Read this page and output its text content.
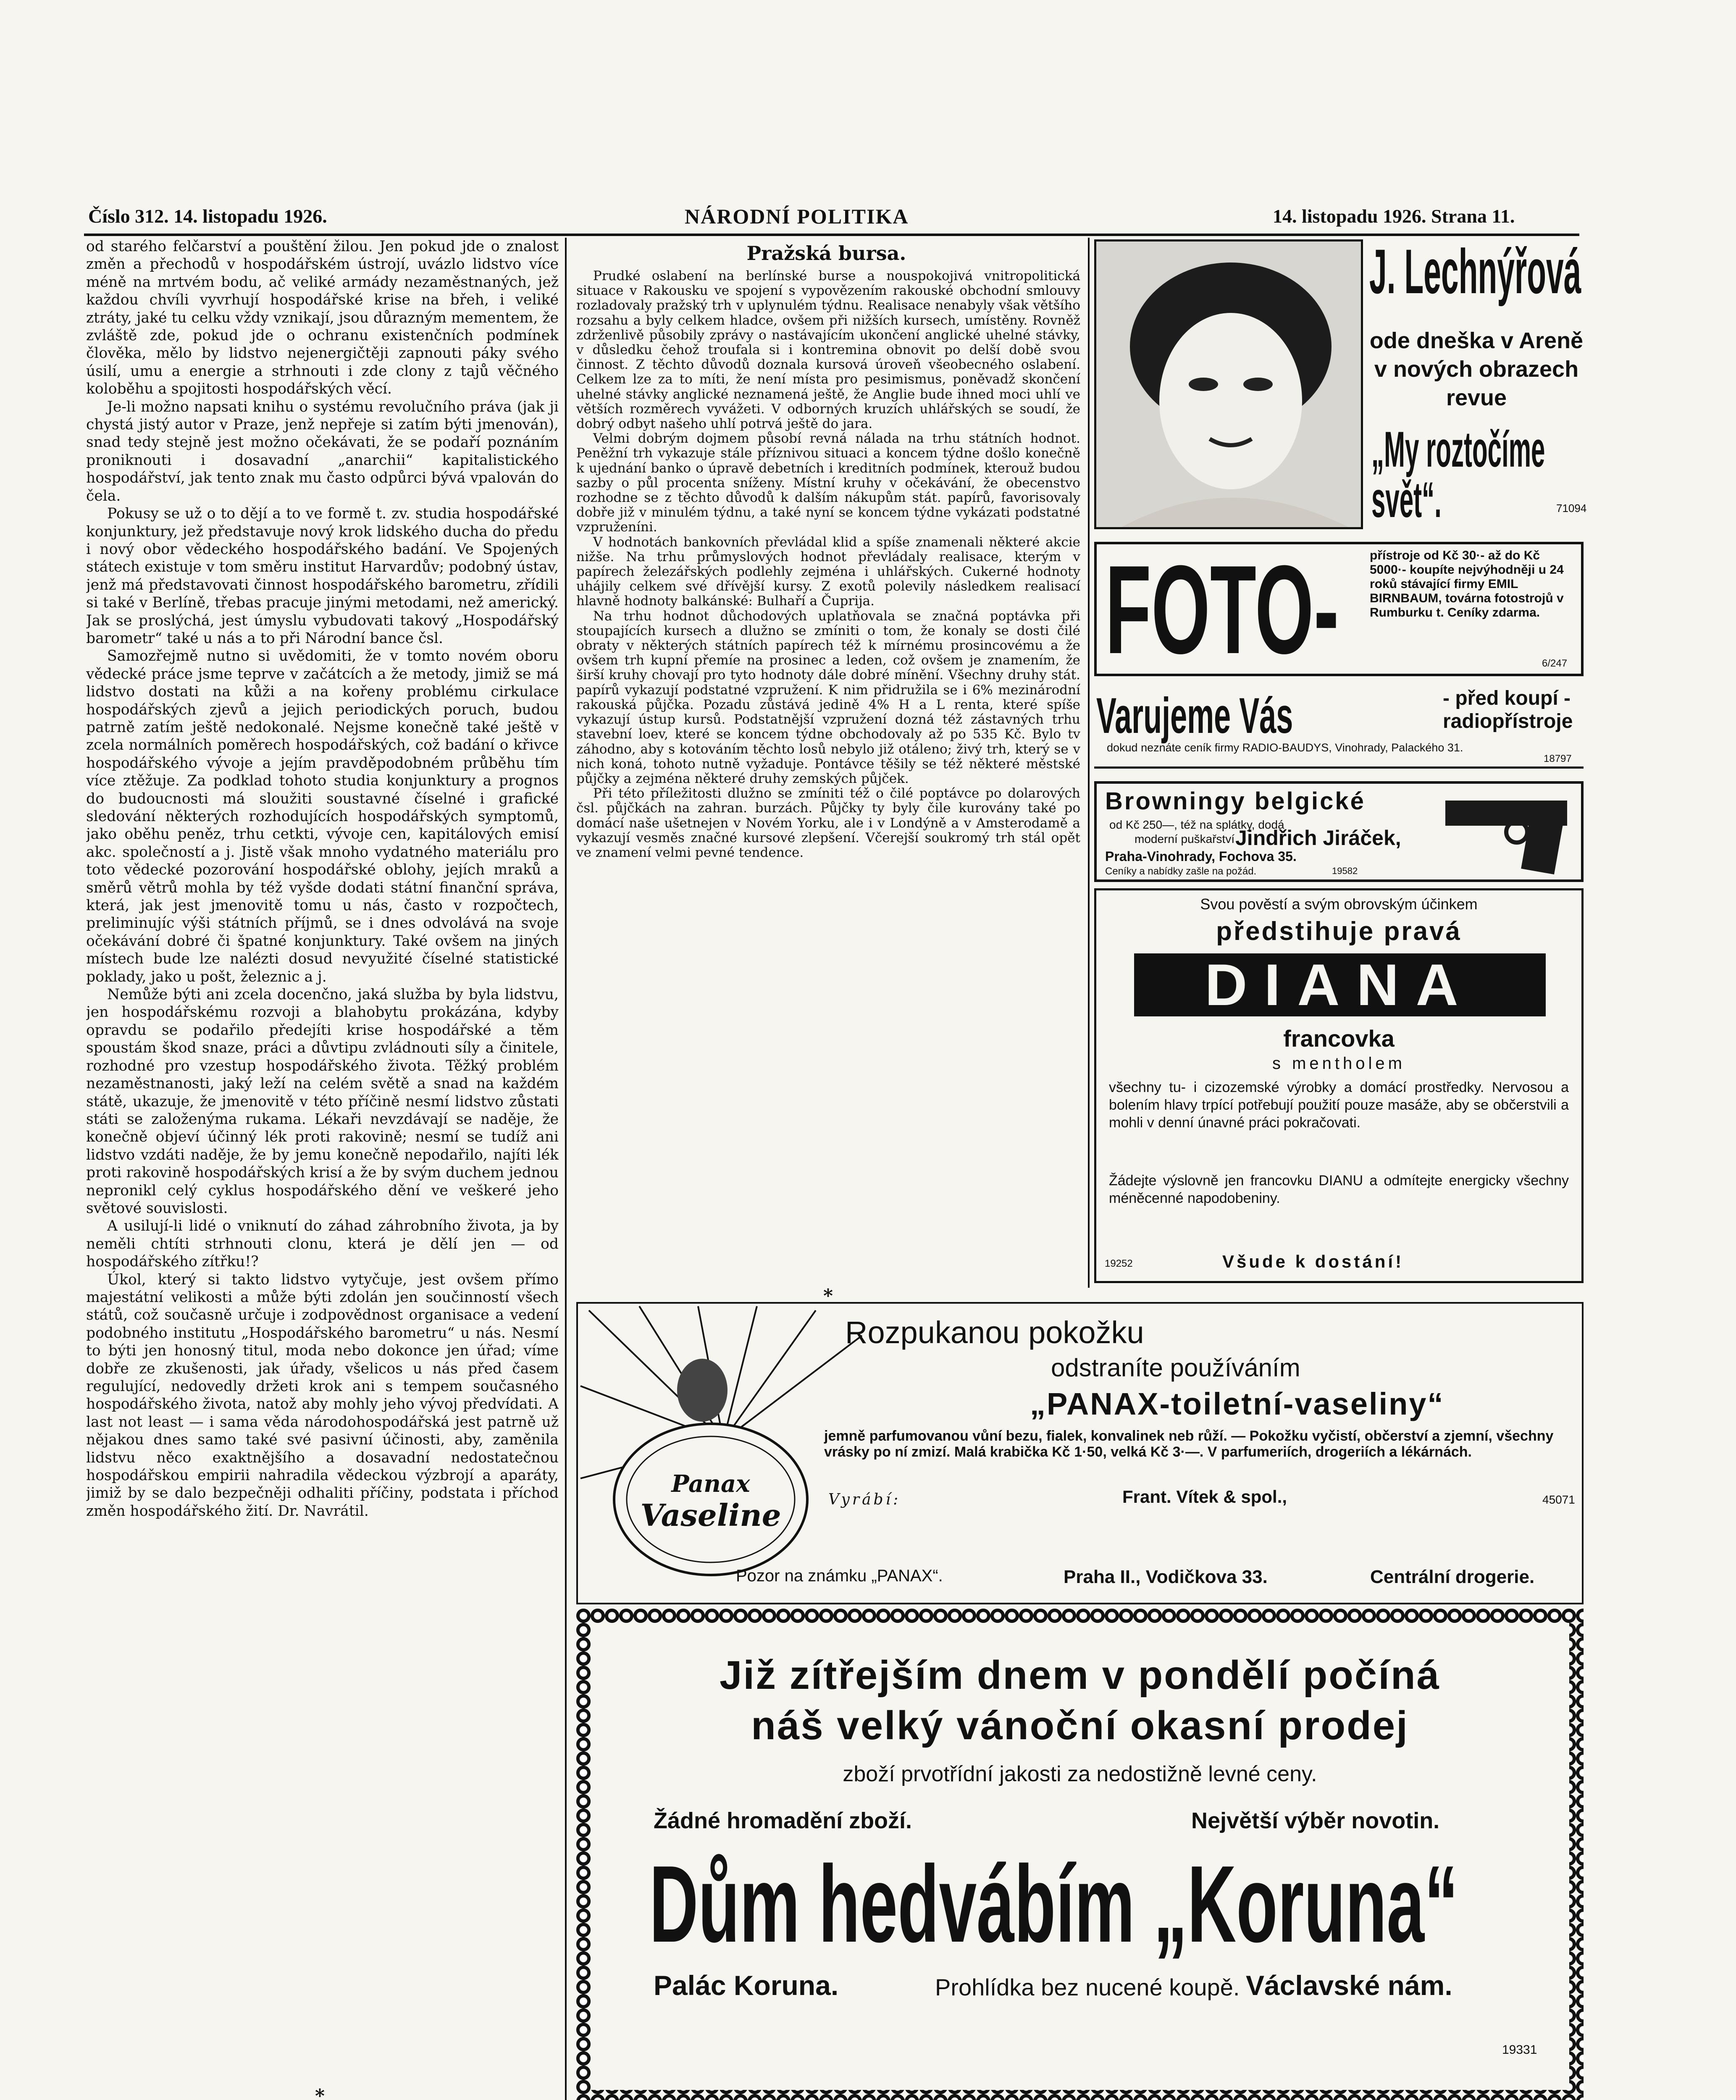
Číslo 312. 14. listopadu 1926.	NÁRODNÍ POLITIKA	14. listopadu 1926. Strana 11.

od starého felčarství a pouštění žilou. Jen pokud jde o znalost změn a přechodů v hospodářském ústrojí, uvázlo lidstvo více méně na mrtvém bodu, ač veliké armády nezaměstnaných, jež každou chvíli vyvrhují hospodářské krise na břeh, i veliké ztráty, jaké tu celku vždy vznikají, jsou důrazným mementem, že zvláště zde, pokud jde o ochranu existenčních podmínek člověka, mělo by lidstvo nejenergičtěji zapnouti páky svého úsilí, umu a energie a strhnouti i zde clony z tajů věčného koloběhu a spojitosti hospodářských věcí.

Je-li možno napsati knihu o systému revolučního práva (jak ji chystá jistý autor v Praze, jenž nepřeje si zatím býti jmenován), snad tedy stejně jest možno očekávati, že se podaří poznáním proniknouti i dosavadní „anarchii“ kapitalistického hospodářství, jak tento znak mu často odpůrci bývá vpalován do čela.

Pokusy se už o to dějí a to ve formě t. zv. studia hospodářské konjunktury, jež představuje nový krok lidského ducha do předu i nový obor vědeckého hospodářského badání. Ve Spojených státech existuje v tom směru institut Harvardův; podobný ústav, jenž má představovati činnost hospodářského barometru, zřídili si také v Berlíně, třebas pracuje jinými metodami, než americký. Jak se proslýchá, jest úmyslu vybudovati takový „Hospodářský barometr“ také u nás a to při Národní bance čsl.

Samozřejmě nutno si uvědomiti, že v tomto novém oboru vědecké práce jsme teprve v začátcích a že metody, jimiž se má lidstvo dostati na kůži a na kořeny problému cirkulace hospodářských zjevů a jejich periodických poruch, budou patrně zatím ještě nedokonalé. Nejsme konečně také ještě v zcela normálních poměrech hospodářských, což badání o křivce hospodářského vývoje a jejím pravděpodobném průběhu tím více ztěžuje. Za podklad tohoto studia konjunktury a prognos do budoucnosti má sloužiti soustavné číselné i grafické sledování některých rozhodujících hospodářských symptomů, jako oběhu peněz, trhu cetkti, vývoje cen, kapitálových emisí akc. společností a j. Jistě však mnoho vydatného materiálu pro toto vědecké pozorování hospodářské oblohy, jejích mraků a směrů větrů mohla by též vyšde dodati státní finanční správa, která, jak jest jmenovitě tomu u nás, často v rozpočtech, preliminujíc výši státních příjmů, se i dnes odvolává na svoje očekávání dobré či špatné konjunktury. Také ovšem na jiných místech bude lze nalézti dosud nevyužité číselné statistické poklady, jako u pošt, železnic a j.

Nemůže býti ani zcela docenčno, jaká služba by byla lidstvu, jen hospodářskému rozvoji a blahobytu prokázána, kdyby opravdu se podařilo předejíti krise hospodářské a těm spoustám škod snaze, práci a důvtipu zvládnouti síly a činitele, rozhodné pro vzestup hospodářského života. Těžký problém nezaměstnanosti, jaký leží na celém světě a snad na každém státě, ukazuje, že jmenovitě v této příčině nesmí lidstvo zůstati státi se založenýma rukama. Lékaři nevzdávají se naděje, že konečně objeví účinný lék proti rakovině; nesmí se tudíž ani lidstvo vzdáti naděje, že by jemu konečně nepodařilo, najíti lék proti rakovině hospodářských krisí a že by svým duchem jednou nepronikl celý cyklus hospodářského dění ve veškeré jeho světové souvislosti.

A usilují-li lidé o vniknutí do záhad záhrobního života, ja by neměli chtíti strhnouti clonu, která je dělí jen — od hospodářského zítřku!?

Úkol, který si takto lidstvo vytyčuje, jest ovšem přímo majestátní velikosti a může býti zdolán jen součinností všech států, což současně určuje i zodpovědnost organisace a vedení podobného institutu „Hospodářského barometru“ u nás. Nesmí to býti jen honosný titul, moda nebo dokonce jen úřad; víme dobře ze zkušenosti, jak úřady, všelicos u nás před časem regulující, nedovedly držeti krok ani s tempem současného hospodářského života, natož aby mohly jeho vývoj předvídati. A last not least — i sama věda národohospodářská jest patrně už nějakou dnes samo také své pasivní účinosti, aby, zaměnila lidstvu něco exaktnějšího a dosavadní nedostatečnou hospodářskou empirii nahradila vědeckou výzbrojí a aparáty, jimiž by se dalo bezpečněji odhaliti příčiny, podstata i příchod změn hospodářského žití. Dr. Navrátil.

*
Pražská bursa.

Prudké oslabení na berlínské burse a nouspokojivá vnitropolitická situace v Rakousku ve spojení s vypovězením rakouské obchodní smlouvy rozladovaly pražský trh v uplynulém týdnu. Realisace nenabyly však většího rozsahu a byly celkem hladce, ovšem při nižších kursech, umístěny. Rovněž zdrženlivě působily zprávy o nastávajícím ukončení anglické uhelné stávky, v důsledku čehož troufala si i kontremina obnovit po delší době svou činnost. Z těchto důvodů doznala kursová úroveň všeobecného oslabení. Celkem lze za to míti, že není místa pro pesimismus, poněvadž skončení uhelné stávky anglické neznamená ještě, že Anglie bude ihned moci uhlí ve větších rozměrech vyvážeti. V odborných kruzích uhlářských se soudí, že dobrý odbyt našeho uhlí potrvá ještě do jara.

Velmi dobrým dojmem působí revná nálada na trhu státních hodnot. Peněžní trh vykazuje stále příznivou situaci a koncem týdne došlo konečně k ujednání banko o úpravě debetních i kreditních podmínek, kterouž budou sazby o půl procenta sníženy. Místní kruhy v očekávání, že obecenstvo rozhodne se z těchto důvodů k dalším nákupům stát. papírů, favorisovaly dobře již v minulém týdnu, a také nyní se koncem týdne vykázati podstatné vzpruženíni.

V hodnotách bankovních převládal klid a spíše znamenali některé akcie nižše. Na trhu průmyslových hodnot převládaly realisace, kterým v papírech železářských podlehly zejména i uhlářských. Cukerné hodnoty uhájily celkem své dřívější kursy. Z exotů polevily následkem realisací hlavně hodnoty balkánské: Bulhaří a Čuprija.

Na trhu hodnot důchodových uplatňovala se značná poptávka při stoupajících kursech a dlužno se zmíniti o tom, že konaly se dosti čilé obraty v některých státních papírech též k mírnému prosincovému a že ovšem trh kupní přemíe na prosinec a leden, což ovšem je znamením, že širší kruhy chovají pro tyto hodnoty dále dobré mínění. Všechny druhy stát. papírů vykazují podstatné vzpružení. K nim přidružila se i 6% mezinárodní rakouská půjčka. Pozadu zůstává jedině 4% H a L renta, které spíše vykazují ústup kursů. Podstatnější vzpružení dozná též zástavných trhu stavební loev, které se koncem týdne obchodovaly až po 535 Kč. Bylo tv záhodno, aby s kotováním těchto losů nebylo již otáleno; živý trh, který se v nich koná, tohoto nutně vyžaduje. Pontávce těšily se též některé městské půjčky a zejména některé druhy zemských půjček.

Při této příležitosti dlužno se zmíniti též o čilé poptávce po dolarových čsl. půjčkách na zahran. burzách. Půjčky ty byly čile kurovány také po domácí naše ušetnejen v Novém Yorku, ale i v Londýně a v Amsterodamě a vykazují vesměs značné kursové zlepšení. Včerejší soukromý trh stál opět ve znamení velmi pevné tendence.

*
J. Lechnýřová
ode dneška v Areně
v nových obrazech
revue
„My roztočíme svět“.	71094
FOTO- přístroje od Kč 30·- až do Kč 5000·- koupíte nejvýhodněji u 24 roků stávající firmy EMIL BIRNBAUM, továrna fotostrojů v Rumburku t. Ceníky zdarma.
6/247
Varujeme Vás	- před koupí -
radiopřístroje
dokud neznáte ceník firmy RADIO-BAUDYS, Vinohrady, Palackého 31.
18797
Browningy belgické
od Kč 250—, též na splátky, dodá
moderní puškařství Jindřich Jiráček,
Praha-Vinohrady, Fochova 35.
Ceníky a nabídky zašle na požád.	19582
Svou pověstí a svým obrovským účinkem
předstihuje pravá
DIANA
francovka
s mentholem
všechny tu- i cizozemské výrobky a domácí prostředky. Nervosou a bolením hlavy trpící potřebují použití pouze masáže, aby se občerstvili a mohli v denní únavné práci pokračovati.
Žádejte výslovně jen francovku DIANU a odmítejte energicky všechny méněcenné napodobeniny.
19252	Všude k dostání!
Panax
Vaseline
Rozpukanou pokožku
odstraníte používáním
„PANAX-toiletní-vaseliny“
jemně parfumovanou vůní bezu, fialek, konvalinek neb růží. — Pokožku vyčistí, občerství a zjemní, všechny vrásky po ní zmizí. Malá krabička Kč 1·50, velká Kč 3·—. V parfumeriích, drogeriích a lékárnách.
Vyrábí:	Frant. Vítek & spol.,	45071
Pozor na známku „PANAX“.	Praha II., Vodičkova 33.	Centrální drogerie.
Již zítřejším dnem v pondělí počíná
náš velký vánoční okasní prodej
zboží prvotřídní jakosti za nedostižně levné ceny.
Žádné hromadění zboží.	Největší výběr novotin.
Dům hedvábím „Koruna“
Palác Koruna.	Prohlídka bez nucené koupě. Václavské nám.
19331
